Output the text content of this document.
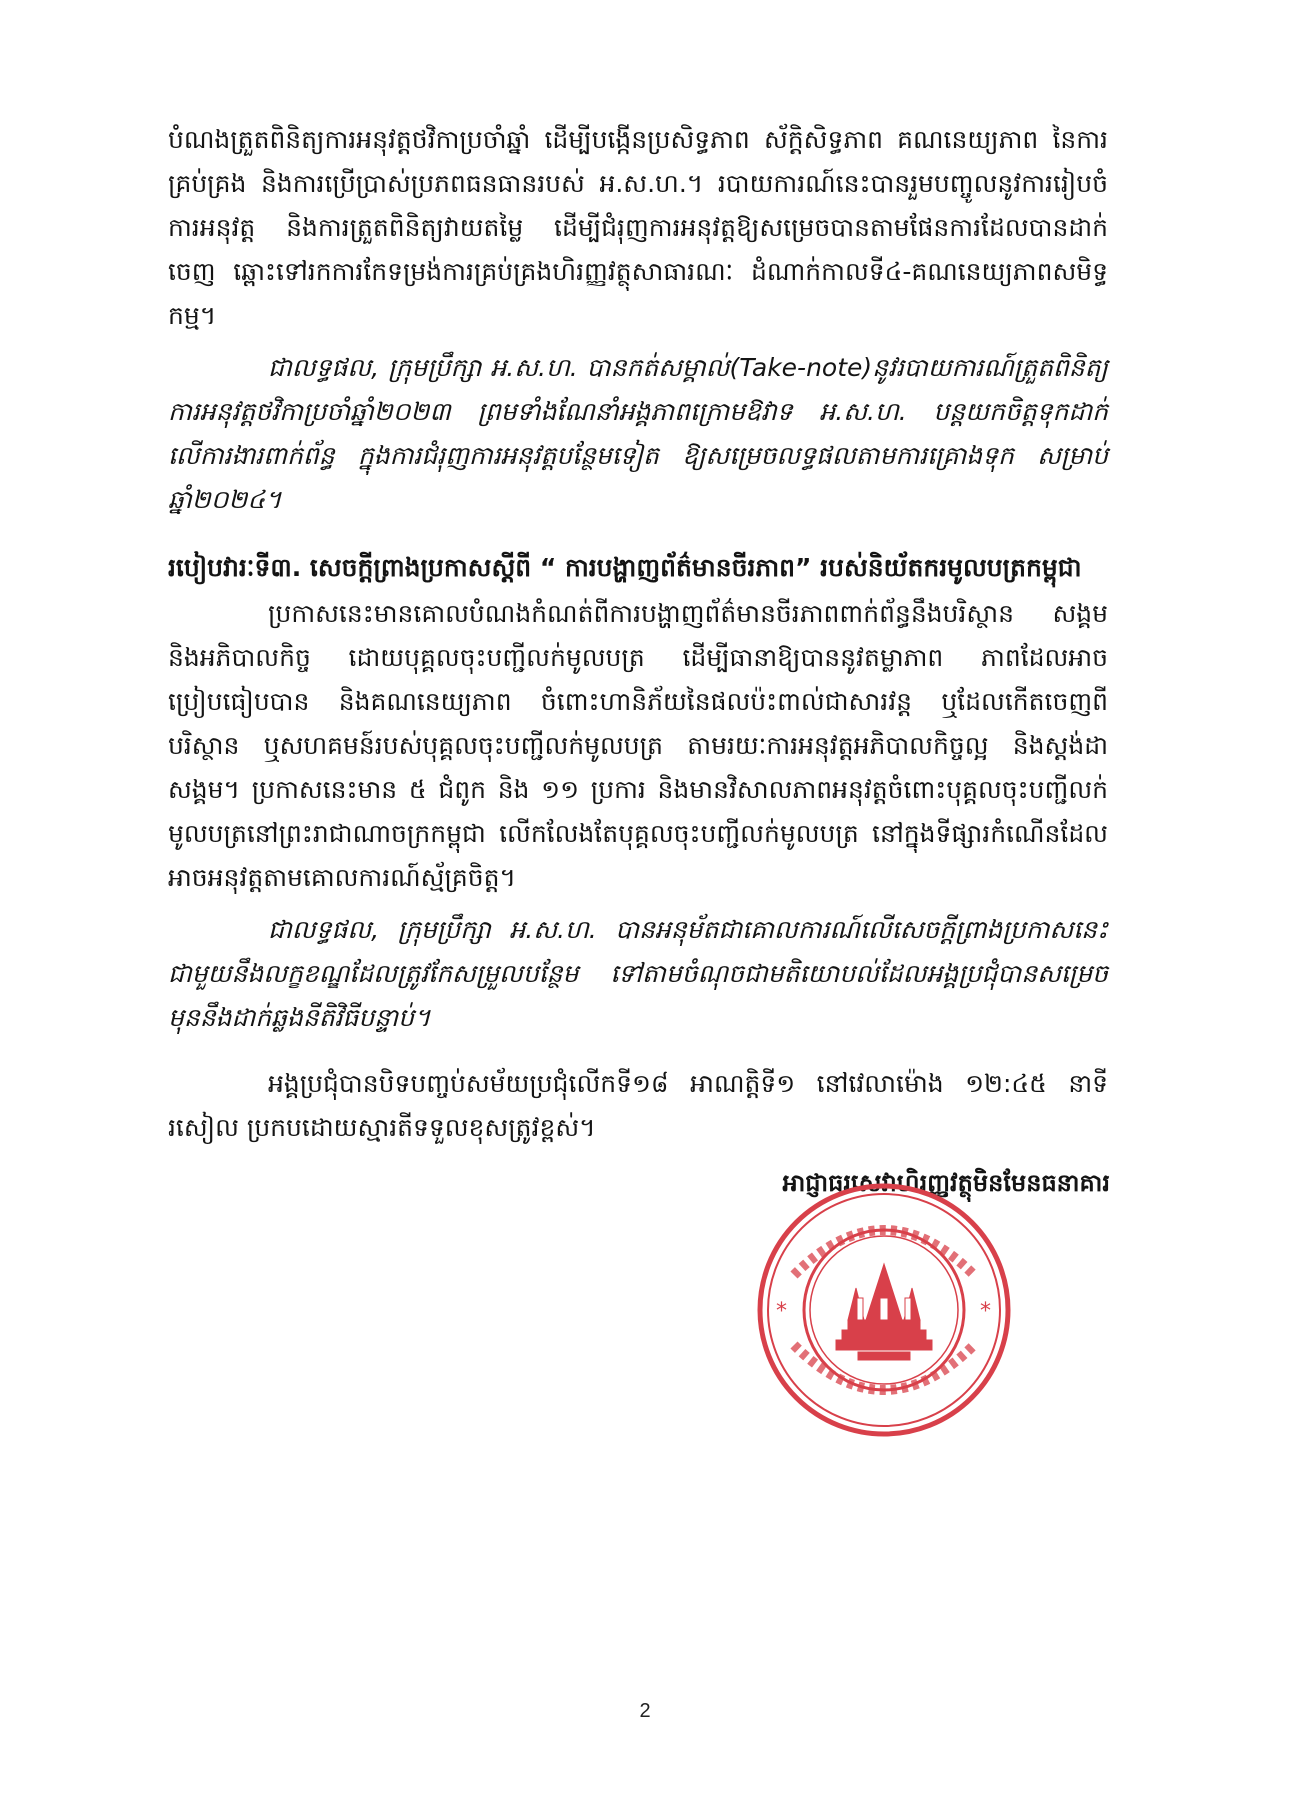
បំណងត្រួតពិនិត្យការអនុវត្តថវិកាប្រចាំឆ្នាំ ដើម្បីបង្កើនប្រសិទ្ធភាព ស័ក្តិសិទ្ធភាព គណនេយ្យភាព នៃការគ្រប់គ្រង និងការប្រើប្រាស់ប្រភពធនធានរបស់ អ.ស.ហ.។ របាយការណ៍នេះបានរួមបញ្ចូលនូវការរៀបចំ ការអនុវត្ត និងការត្រួតពិនិត្យវាយតម្លៃ ដើម្បីជំរុញការអនុវត្តឱ្យសម្រេចបានតាមផែនការដែលបានដាក់ចេញ ឆ្ពោះទៅរកការកែទម្រង់ការគ្រប់គ្រងហិរញ្ញវត្ថុសាធារណៈ ដំណាក់កាលទី៤-គណនេយ្យភាពសមិទ្ធកម្ម។

ជាលទ្ធផល, ក្រុមប្រឹក្សា អ.ស.ហ. បានកត់សម្គាល់(Take-note)នូវរបាយការណ៍ត្រួតពិនិត្យការអនុវត្តថវិកាប្រចាំឆ្នាំ២០២៣ ព្រមទាំងណែនាំអង្គភាពក្រោមឱវាទ អ.ស.ហ. បន្តយកចិត្តទុកដាក់លើការងារពាក់ព័ន្ធ ក្នុងការជំរុញការអនុវត្តបន្ថែមទៀត ឱ្យសម្រេចលទ្ធផលតាមការគ្រោងទុក សម្រាប់ឆ្នាំ២០២៤។

របៀបវារៈទី៣. សេចក្តីព្រាងប្រកាសស្តីពី “ ការបង្ហាញព័ត៌មានចីរភាព” របស់និយ័តករមូលបត្រកម្ពុជា

ប្រកាសនេះមានគោលបំណងកំណត់ពីការបង្ហាញព័ត៌មានចីរភាពពាក់ព័ន្ធនឹងបរិស្ថាន សង្គម និងអភិបាលកិច្ច ដោយបុគ្គលចុះបញ្ជីលក់មូលបត្រ ដើម្បីធានាឱ្យបាននូវតម្លាភាព ភាពដែលអាចប្រៀបធៀបបាន និងគណនេយ្យភាព ចំពោះហានិភ័យនៃផលប៉ះពាល់ជាសារវន្ត ឬដែលកើតចេញពីបរិស្ថាន ឬសហគមន៍របស់បុគ្គលចុះបញ្ជីលក់មូលបត្រ តាមរយៈការអនុវត្តអភិបាលកិច្ចល្អ និងស្តង់ដាសង្គម។ ប្រកាសនេះមាន ៥ ជំពូក និង ១១ ប្រការ និងមានវិសាលភាពអនុវត្តចំពោះបុគ្គលចុះបញ្ជីលក់មូលបត្រនៅព្រះរាជាណាចក្រកម្ពុជា លើកលែងតែបុគ្គលចុះបញ្ជីលក់មូលបត្រ នៅក្នុងទីផ្សារកំណើនដែលអាចអនុវត្តតាមគោលការណ៍ស្ម័គ្រចិត្ត។

ជាលទ្ធផល, ក្រុមប្រឹក្សា អ.ស.ហ. បានអនុម័តជាគោលការណ៍លើសេចក្តីព្រាងប្រកាសនេះ ជាមួយនឹងលក្ខខណ្ឌដែលត្រូវកែសម្រួលបន្ថែម ទៅតាមចំណុចជាមតិយោបល់ដែលអង្គប្រជុំបានសម្រេច មុននឹងដាក់ឆ្លងនីតិវិធីបន្ទាប់។

អង្គប្រជុំបានបិទបញ្ចប់សម័យប្រជុំលើកទី១៨ អាណត្តិទី១ នៅវេលាម៉ោង ១២:៤៥ នាទីរសៀល ប្រកបដោយស្មារតីទទួលខុសត្រូវខ្ពស់។

អាជ្ញាធរសេវាហិរញ្ញវត្ថុមិនមែនធនាគារ
*	*
2
